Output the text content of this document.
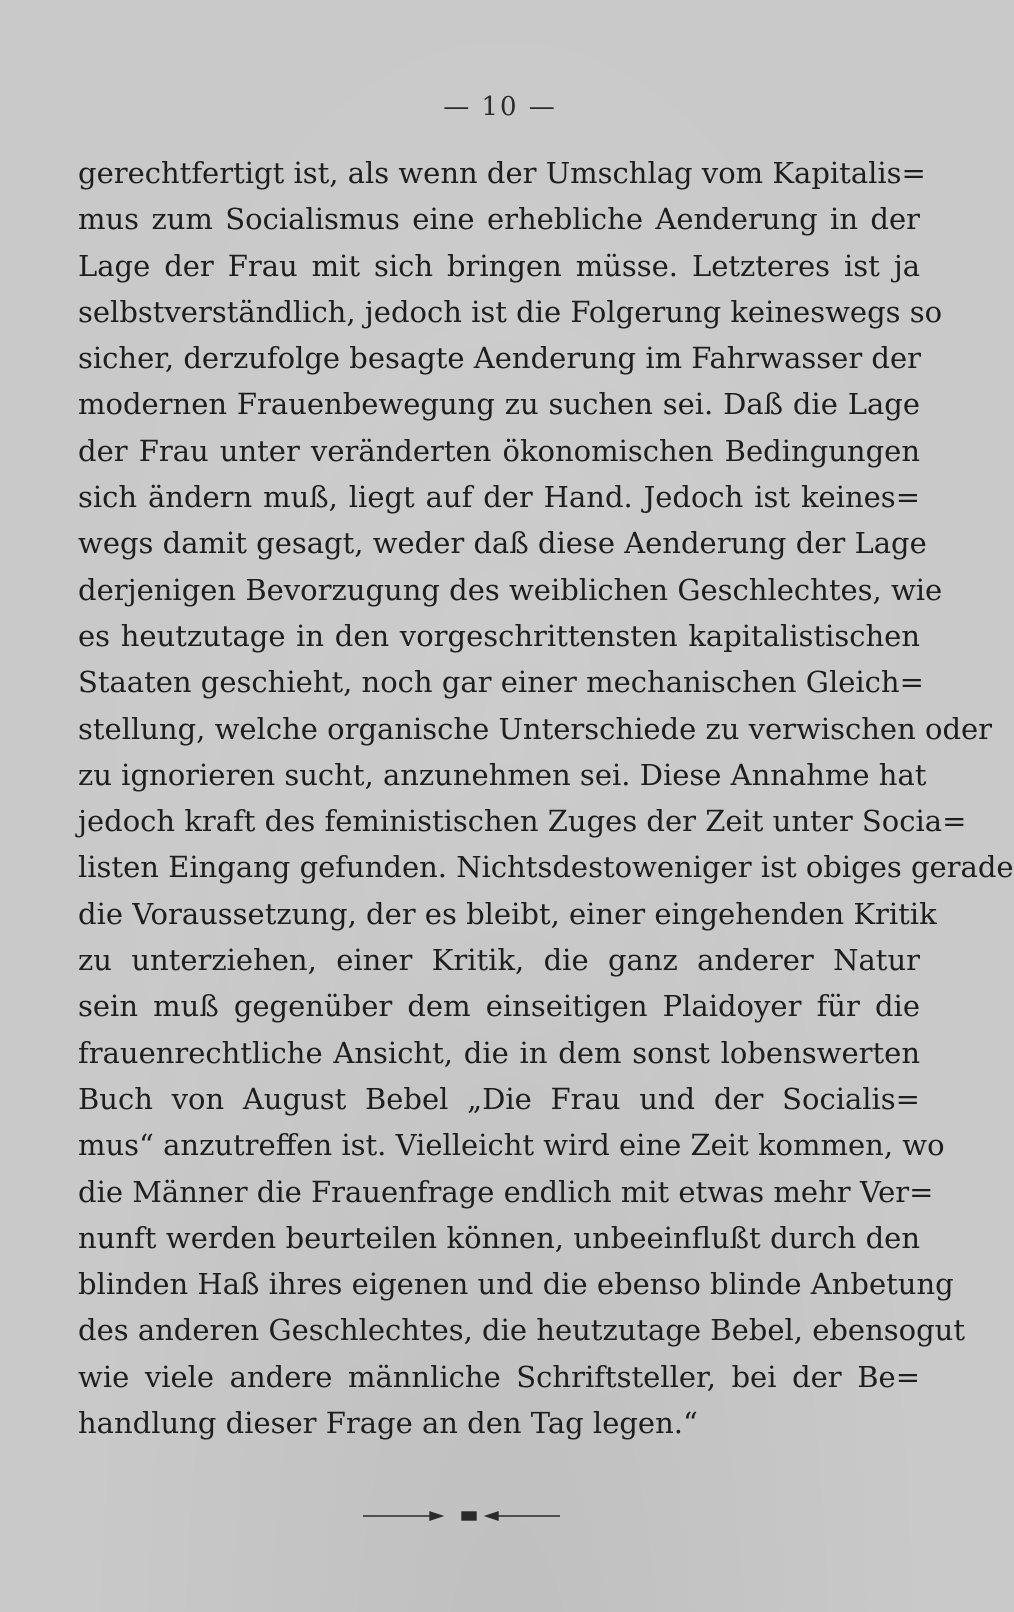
— 10 —
gerechtfertigt ist, als wenn der Umschlag vom Kapitalis=
mus zum Socialismus eine erhebliche Aenderung in der
Lage der Frau mit sich bringen müsse. Letzteres ist ja
selbstverständlich, jedoch ist die Folgerung keineswegs so
sicher, derzufolge besagte Aenderung im Fahrwasser der
modernen Frauenbewegung zu suchen sei. Daß die Lage
der Frau unter veränderten ökonomischen Bedingungen
sich ändern muß, liegt auf der Hand. Jedoch ist keines=
wegs damit gesagt, weder daß diese Aenderung der Lage
derjenigen Bevorzugung des weiblichen Geschlechtes, wie
es heutzutage in den vorgeschrittensten kapitalistischen
Staaten geschieht, noch gar einer mechanischen Gleich=
stellung, welche organische Unterschiede zu verwischen oder
zu ignorieren sucht, anzunehmen sei. Diese Annahme hat
jedoch kraft des feministischen Zuges der Zeit unter Socia=
listen Eingang gefunden. Nichtsdestoweniger ist obiges gerade
die Voraussetzung, der es bleibt, einer eingehenden Kritik
zu unterziehen, einer Kritik, die ganz anderer Natur
sein muß gegenüber dem einseitigen Plaidoyer für die
frauenrechtliche Ansicht, die in dem sonst lobenswerten
Buch von August Bebel „Die Frau und der Socialis=
mus“ anzutreffen ist. Vielleicht wird eine Zeit kommen, wo
die Männer die Frauenfrage endlich mit etwas mehr Ver=
nunft werden beurteilen können, unbeeinflußt durch den
blinden Haß ihres eigenen und die ebenso blinde Anbetung
des anderen Geschlechtes, die heutzutage Bebel, ebensogut
wie viele andere männliche Schriftsteller, bei der Be=
handlung dieser Frage an den Tag legen.“
